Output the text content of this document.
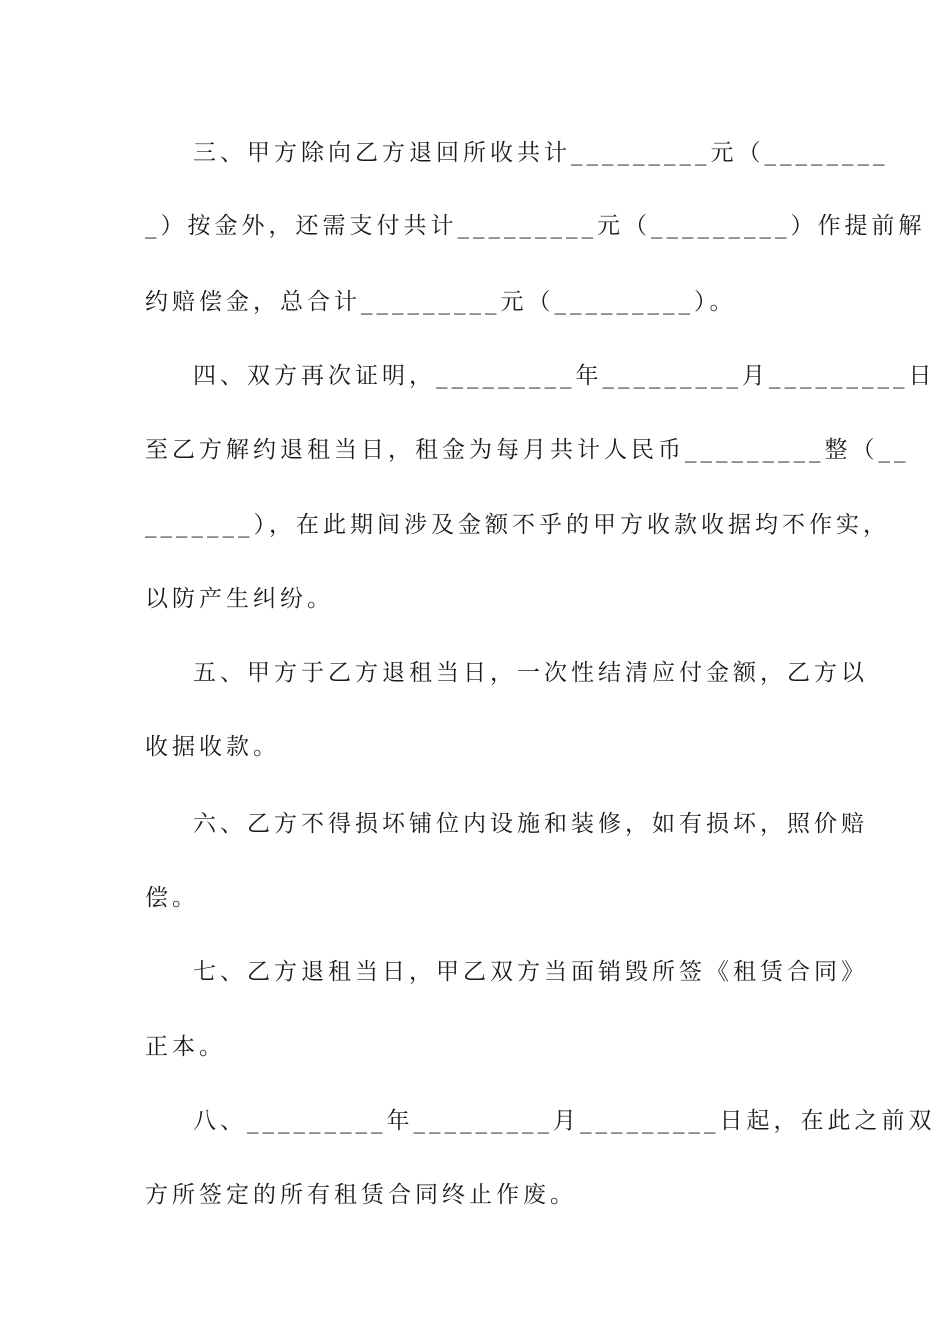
三、甲方除向乙方退回所收共计_________元（________
_）按金外，还需支付共计_________元（_________）作提前解
约赔偿金，总合计_________元（_________）。
四、双方再次证明，_________年_________月_________日
至乙方解约退租当日，租金为每月共计人民币_________整（__
_______），在此期间涉及金额不乎的甲方收款收据均不作实，
以防产生纠纷。
五、甲方于乙方退租当日，一次性结清应付金额，乙方以
收据收款。
六、乙方不得损坏铺位内设施和装修，如有损坏，照价赔
偿。
七、乙方退租当日，甲乙双方当面销毁所签《租赁合同》
正本。
八、_________年_________月_________日起，在此之前双
方所签定的所有租赁合同终止作废。
